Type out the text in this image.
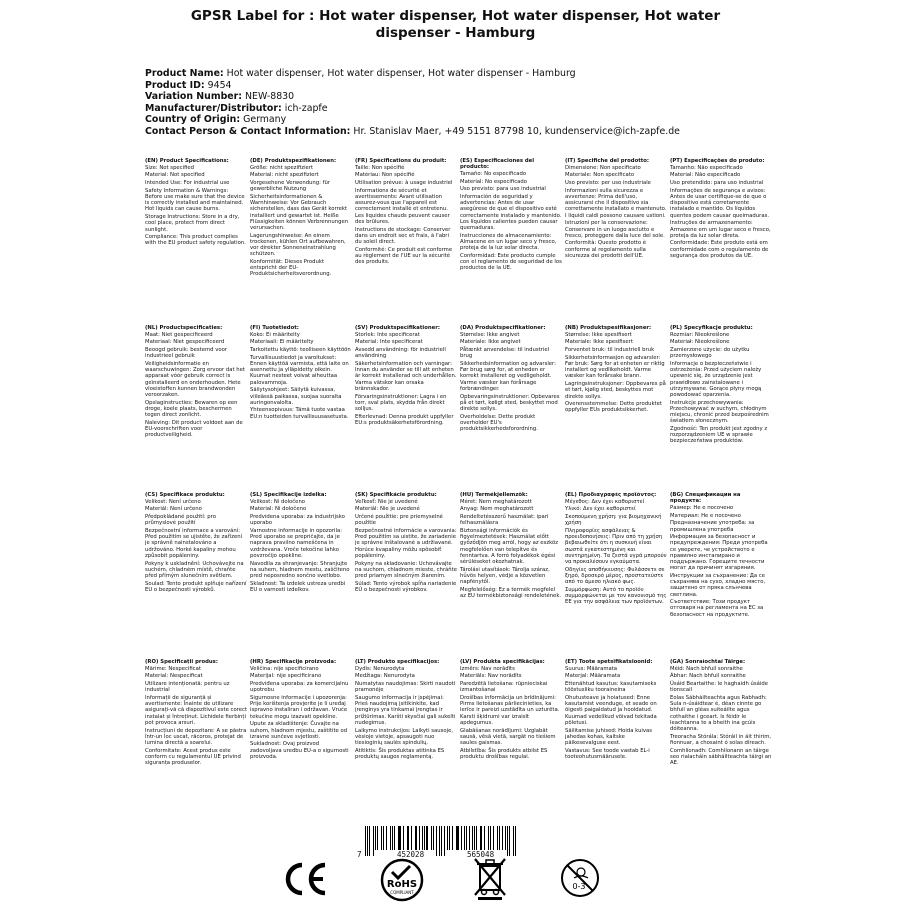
GPSR Label for : Hot water dispenser, Hot water dispenser, Hot water dispenser - Hamburg
Product Name: Hot water dispenser, Hot water dispenser, Hot water dispenser - Hamburg
Product ID: 9454
Variation Number: NEW-8830
Manufacturer/Distributor: ich-zapfe
Country of Origin: Germany
Contact Person & Contact Information: Hr. Stanislav Maer, +49 5151 87798 10, kundenservice@ich-zapfe.de
(EN) Product Specifications:

Size: Not specified

Material: Not specified

Intended Use: For industrial use

Safety Information & Warnings: Before use make sure that the device is correctly installed and maintained. Hot liquids can cause burns.

Storage Instructions: Store in a dry, cool place, protect from direct sunlight.

Compliance: This product complies with the EU product safety regulation.

(DE) Produktspezifikationen:

Größe: nicht spezifiziert

Material: nicht spezifiziert

Vorgesehene Verwendung: für gewerbliche Nutzung

Sicherheitsinformationen & Warnhinweise: Vor Gebrauch sicherstellen, dass das Gerät korrekt installiert und gewartet ist. Heiße Flüssigkeiten können Verbrennungen verursachen.

Lagerungshinweise: An einem trockenen, kühlen Ort aufbewahren, vor direkter Sonneneinstrahlung schützen.

Konformität: Dieses Produkt entspricht der EU-Produktsicherheitsverordnung.

(FR) Spécifications du produit:

Taille: Non spécifié

Matériau: Non spécifié

Utilisation prévue: à usage industriel

Informations de sécurité et avertissements: Avant utilisation assurez-vous que l'appareil est correctement installé et entretenu. Les liquides chauds peuvent causer des brûlures.

Instructions de stockage: Conserver dans un endroit sec et frais, à l'abri du soleil direct.

Conformité: Ce produit est conforme au règlement de l'UE sur la sécurité des produits.

(ES) Especificaciones del producto:

Tamaño: No especificado

Material: No especificado

Uso previsto: para uso industrial

Información de seguridad y advertencias: Antes de usar asegúrese de que el dispositivo esté correctamente instalado y mantenido. Los líquidos calientes pueden causar quemaduras.

Instrucciones de almacenamiento: Almacene en un lugar seco y fresco, proteja de la luz solar directa.

Conformidad: Este producto cumple con el reglamento de seguridad de los productos de la UE.

(IT) Specifiche del prodotto:

Dimensione: Non specificato

Materiale: Non specificato

Uso previsto: per uso industriale

Informazioni sulla sicurezza e avvertenze: Prima dell'uso, assicurarsi che il dispositivo sia correttamente installato e mantenuto. I liquidi caldi possono causare ustioni.

Istruzioni per la conservazione: Conservare in un luogo asciutto e fresco, proteggere dalla luce del sole.

Conformità: Questo prodotto è conforme al regolamento sulla sicurezza dei prodotti dell'UE.

(PT) Especificações do produto:

Tamanho: Não especificado

Material: Não especificado

Uso pretendido: para uso industrial

Informações de segurança e avisos: Antes de usar certifique-se de que o dispositivo está corretamente instalado e mantido. Os líquidos quentes podem causar queimaduras.

Instruções de armazenamento: Armazene em um lugar seco e fresco, proteja da luz solar direta.

Conformidade: Este produto está em conformidade com o regulamento de segurança dos produtos da UE.

(NL) Productspecificaties:

Maat: Niet gespecificeerd

Materiaal: Niet gespecificeerd

Beoogd gebruik: bestemd voor industrieel gebruik

Veiligheidsinformatie en waarschuwingen: Zorg ervoor dat het apparaat vóór gebruik correct is geïnstalleerd en onderhouden. Hete vloeistoffen kunnen brandwonden veroorzaken.

Opslaginstructies: Bewaren op een droge, koele plaats, beschermen tegen direct zonlicht.

Naleving: Dit product voldoet aan de EU-voorschriften voor productveiligheid.

(FI) Tuotetiedot:

Koko: Ei määritelty

Materiaali: Ei määritelty

Tarkoitettu käyttö: teolliseen käyttöön

Turvallisuustiedot ja varoitukset: Ennen käyttöä varmista, että laite on asennettu ja ylläpidetty oikein. Kuumat nesteet voivat aiheuttaa palovammoja.

Säilytysohjeet: Säilytä kuivassa, viileässä paikassa, suojaa suoralta auringonvalolta.

Yhteensopivuus: Tämä tuote vastaa EU:n tuotteiden turvallisuusasetusta.

(SV) Produktspecifikationer:

Storlek: Inte specificerat

Material: Inte specificerat

Avsedd användning: för industriell användning

Säkerhetsinformation och varningar: Innan du använder se till att enheten är korrekt installerad och underhållen. Varma vätskor kan orsaka brännskador.

Förvaringsinstruktioner: Lagra i en torr, sval plats, skydda från direkt solljus.

Efterlevnad: Denna produkt uppfyller EU:s produktsäkerhetsförordning.

(DA) Produktspecifikationer:

Størrelse: Ikke angivet

Materiale: Ikke angivet

Påtænkt anvendelse: til industriel brug

Sikkerhedsinformation og advarsler: Før brug sørg for, at enheden er korrekt installeret og vedligeholdt. Varme væsker kan forårsage forbrændinger.

Opbevaringsinstruktioner: Opbevares på et tørt, køligt sted, beskyttet mod direkte sollys.

Overholdelse: Dette produkt overholder EU's produktsikkerhedsforordning.

(NB) Produktspesifikasjoner:

Størrelse: Ikke spesifisert

Materiale: Ikke spesifisert

Forventet bruk: til industriell bruk

Sikkerhetsinformasjon og advarsler: Før bruk: Sørg for at enheten er riktig installert og vedlikeholdt. Varme væsker kan forårsake brann.

Lagringsinstruksjoner: Oppbevares på et tørt, kjølig sted, beskyttes mot direkte sollys.

Overensstemmelse: Dette produktet oppfyller EUs produktsikkerhet.

(PL) Specyfikacje produktu:

Rozmiar: Nieokreślone

Materiał: Nieokreślone

Zamierzone użycie: do użytku przemysłowego

Informacje o bezpieczeństwie i ostrzeżenia: Przed użyciem należy upewnić się, że urządzenie jest prawidłowo zainstalowane i utrzymywane. Gorące płyny mogą powodować oparzenia.

Instrukcje przechowywania: Przechowywać w suchym, chłodnym miejscu, chronić przed bezpośrednim światłem słonecznym.

Zgodność: Ten produkt jest zgodny z rozporządzeniem UE w sprawie bezpieczeństwa produktów.

(CS) Specifikace produktu:

Velikost: Není určeno

Materiál: Není určeno

Předpokládané použití: pro průmyslové použití

Bezpečnostní informace a varování: Před použitím se ujistěte, že zařízení je správně nainstalováno a udržováno. Horké kapaliny mohou způsobit popáleniny.

Pokyny k uskladnění: Uchovávejte na suchém, chladném místě, chraňte před přímým slunečním světlem.

Soulad: Tento produkt splňuje nařízení EU o bezpečnosti výrobků.

(SL) Specifikacije izdelka:

Velikost: Ni določeno

Material: Ni določeno

Predvidena uporaba: za industrijsko uporabo

Varnostne informacije in opozorila: Pred uporabo se prepričajte, da je naprava pravilno nameščena in vzdrževana. Vroče tekočine lahko povzročijo opekline.

Navodila za shranjevanje: Shranjujte na suhem, hladnem mestu, zaščiteno pred neposredno sončno svetlobo.

Skladnost: Ta izdelek ustreza uredbi EU o varnosti izdelkov.

(SK) Špecifikácie produktu:

Veľkosť: Nie je uvedené

Materiál: Nie je uvedené

Určené použitie: pre priemyselné použitie

Bezpečnostné informácie a varovania: Pred použitím sa uistite, že zariadenie je správne inštalované a udržiavané. Horúce kvapaliny môžu spôsobiť popáleniny.

Pokyny na skladovanie: Uchovávajte na suchom, chladnom mieste, chráňte pred priamym slnečným žiarením.

Súlad: Tento výrobok spĺňa nariadenie EÚ o bezpečnosti výrobkov.

(HU) Termékjellemzők:

Méret: Nem meghatározott

Anyag: Nem meghatározott

Rendeltetésszerű használat: ipari felhasználásra

Biztonsági információk és figyelmeztetések: Használat előtt győződjön meg arról, hogy az eszköz megfelelően van telepítve és fenntartva. A forró folyadékok égési sérüléseket okozhatnak.

Tárolási utasítások: Tárolja száraz, hűvös helyen, védje a közvetlen napfénytől.

Megfelelőség: Ez a termék megfelel az EU termékbiztonsági rendeletének.

(EL) Προδιαγραφές προϊόντος:

Μέγεθος: Δεν έχει καθοριστεί

Υλικό: Δεν έχει καθοριστεί

Σκοπούμενη χρήση: για βιομηχανική χρήση

Πληροφορίες ασφάλειας & προειδοποιήσεις: Πριν από τη χρήση βεβαιωθείτε ότι η συσκευή είναι σωστά εγκατεστημένη και συντηρημένη. Τα ζεστά υγρά μπορούν να προκαλέσουν εγκαύματα.

Οδηγίες αποθήκευσης: Φυλάσσετε σε ξηρό, δροσερό μέρος, προστατεύστε από το άμεσο ηλιακό φως.

Συμμόρφωση: Αυτό το προϊόν συμμορφώνεται με τον κανονισμό της ΕΕ για την ασφάλεια των προϊόντων.

(BG) Спецификации на продукта:

Размер: Не е посочено

Материал: Не е посочено

Предназначение употреба: за промишлена употреба

Информация за безопасност и предупреждения: Преди употреба се уверете, че устройството е правилно инсталирано и поддържано. Горещите течности могат да причинят изгаряния.

Инструкции за съхранение: Да се съхранява на сухо, хладно място, защитено от пряка слънчева светлина.

Съответствие: Този продукт отговаря на регламента на ЕС за безопасност на продуктите.

(RO) Specificații produs:

Mărime: Nespecificat

Material: Nespecificat

Utilizare intenționată: pentru uz industrial

Informații de siguranță și avertismente: Înainte de utilizare asigurați-vă că dispozitivul este corect instalat și întreținut. Lichidele fierbinți pot provoca arsuri.

Instrucțiuni de depozitare: A se păstra într-un loc uscat, răcoros, protejat de lumina directă a soarelui.

Conformitate: Acest produs este conform cu regulamentul UE privind siguranța produselor.

(HR) Specifikacije proizvoda:

Veličina: nije specificirano

Materijal: nije specificirano

Predviđena uporaba: za komercijalnu upotrebu

Sigurnosne informacije i upozorenja: Prije korištenja provjerite je li uređaj ispravno instaliran i održavan. Vruće tekućine mogu izazvati opekline.

Upute za skladištenje: Čuvajte na suhom, hladnom mjestu, zaštitite od izravne sunčeve svjetlosti.

Sukladnost: Ovaj proizvod zadovoljava uredbu EU-a o sigurnosti proizvoda.

(LT) Produkto specifikacijos:

Dydis: Nenurodyta

Medžiaga: Nenurodyta

Numatytas naudojimas: Skirti naudoti pramonėje

Saugumo informacija ir įspėjimai: Prieš naudojimą įsitikinkite, kad įrenginys yra tinkamai įrengtas ir prižiūrimas. Karšti skysčiai gali sukelti nudegimus.

Laikymo instrukcijos: Laikyti sausoje, vėsioje vietoje, apsaugoti nuo tiesioginių saulės spindulių.

Atitiktis: Šis produktas atitinka ES produktų saugos reglamentą.

(LV) Produkta specifikācijas:

Izmērs: Nav norādīts

Materiāls: Nav norādīts

Paredzētā lietošana: rūpnieciskai izmantošanai

Drošības informācija un brīdinājumi: Pirms lietošanas pārliecinieties, ka ierīce ir pareizi uzstādīta un uzturēta. Karsti šķidrumi var izraisīt apdegumus.

Glabāšanas norādījumi: Uzglabāt sausā, vēsā vietā, sargāt no tiešiem saules gaismas.

Atbilstība: Šis produkts atbilst ES produktu drošības regulai.

(ET) Toote spetsifikatsioonid:

Suurus: Määramata

Materjal: Määramata

Ettenähtud kasutus: kasutamiseks tööstusliku tooraineina

Ohutusteave ja hoiatused: Enne kasutamist veenduge, et seade on õigesti paigaldatud ja hooldatud. Kuumad vedelikud võivad tekitada põletusi.

Säilitamise juhised: Hoida kuivas jahedas kohas, kaitske päikesevalguse eest.

Vastavus: See toode vastab EL-i tooteohutusmäärusele.

(GA) Sonraíochtaí Táirge:

Méid: Nach bhfuil sonraithe

Ábhar: Nach bhfuil sonraithe

Úsáid Beartaithe: le haghaidh úsáide tionscail

Eolas Sábháilteachta agus Rabhadh: Sula n-úsáidtear é, déan cinnte go bhfuil an gléas suiteáilte agus cothaithe i gceart. Is féidir le leachtanna te a bheith ina gcúis dóiteanna.

Treoracha Stórála: Stóráil in áit thirim, fionnuar, a chosaint ó solas díreach.

Comhlíonadh: Comhlíonann an táirge seo rialacháin sábháilteachta táirgí an AE.

7	452028	565048
RoHS
COMPLIANT
0-3
